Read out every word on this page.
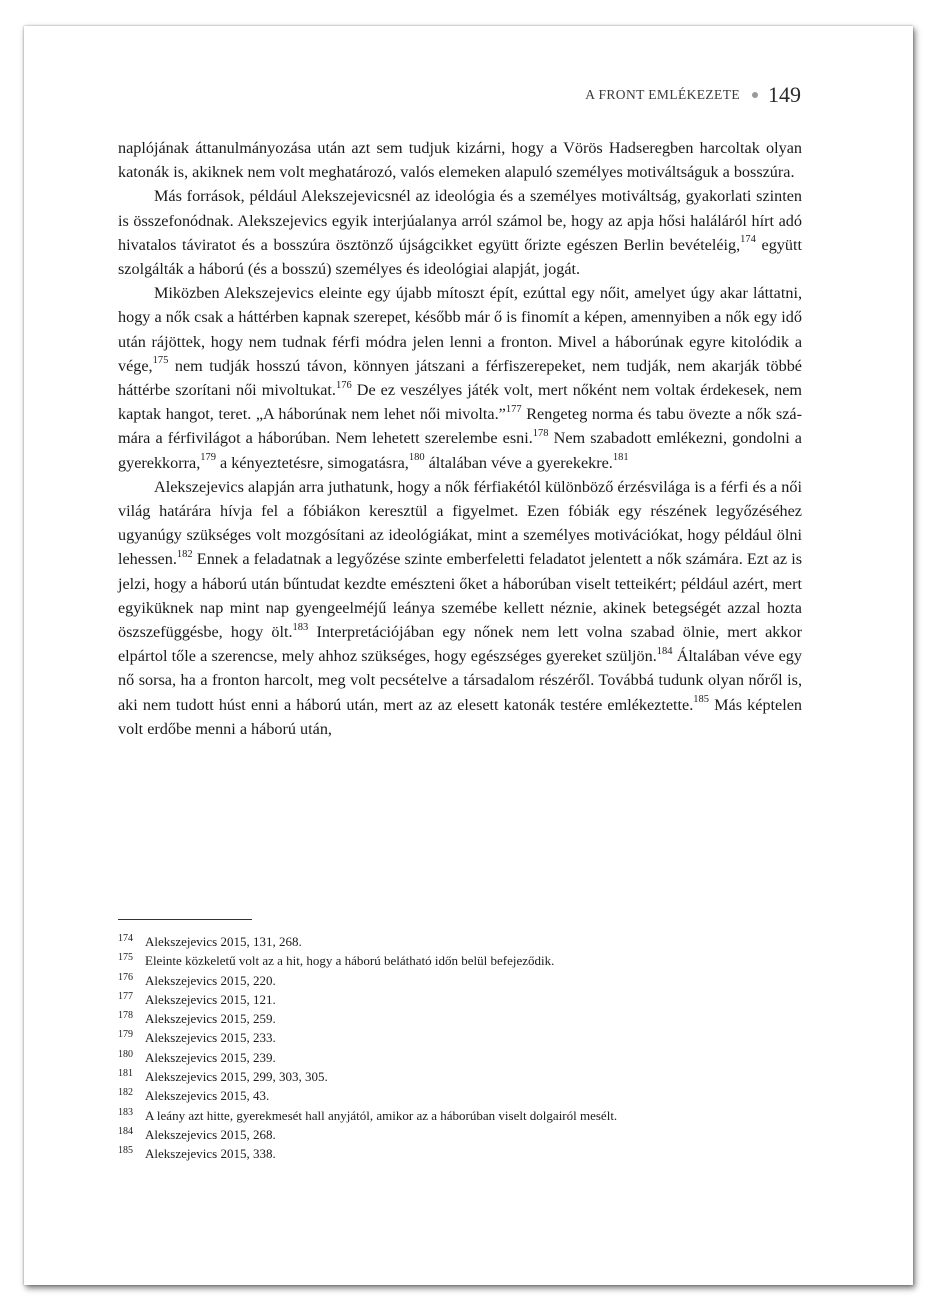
A FRONT EMLÉKEZETE 149

naplójának áttanulmányozása után azt sem tudjuk kizárni, hogy a Vörös Hadseregben harcoltak olyan katonák is, akiknek nem volt meghatározó, valós elemeken alapuló személyes motiváltságuk a bosszúra.

Más források, például Alekszejevicsnél az ideológia és a személyes motiváltság, gyakorlati szinten is összefonódnak. Alekszejevics egyik interjúalanya arról számol be, hogy az apja hősi haláláról hírt adó hivatalos táviratot és a bosszúra ösztönző újságcikket együtt őrizte egészen Berlin bevételéig,$^{174}$ együtt szolgálták a háború (és a bosszú) személyes és ideológiai alapját, jogát.

Miközben Alekszejevics eleinte egy újabb mítoszt épít, ezúttal egy nőit, amelyet úgy akar láttatni, hogy a nők csak a háttérben kapnak szerepet, később már ő is finomít a képen, amennyiben a nők egy idő után rájöttek, hogy nem tudnak férfi módra jelen lenni a fronton. Mivel a háborúnak egyre kitolódik a vége,$^{175}$ nem tudják hosszú távon, könnyen játszani a férfiszerepeket, nem tudják, nem akarják többé háttérbe szorítani női mivoltukat.$^{176}$ De ez veszélyes játék volt, mert nőként nem voltak érdekesek, nem kaptak hangot, teret. „A háborúnak nem lehet női mivolta.”$^{177}$ Rengeteg norma és tabu övezte a nők számára a férfivilágot a háborúban. Nem lehetett szerelembe esni.$^{178}$ Nem szabadott emlékezni, gondolni a gyerekkorra,$^{179}$ a kényeztetésre, simogatásra,$^{180}$ általában véve a gyerekekre.$^{181}$

Alekszejevics alapján arra juthatunk, hogy a nők férfiakétól különböző érzésvilága is a férfi és a női világ határára hívja fel a fóbiákon keresztül a figyelmet. Ezen fóbiák egy részének legyőzéséhez ugyanúgy szükséges volt mozgósítani az ideológiákat, mint a személyes motivációkat, hogy például ölni lehessen.$^{182}$ Ennek a feladatnak a legyőzése szinte emberfeletti feladatot jelentett a nők számára. Ezt az is jelzi, hogy a háború után bűntudat kezdte emészteni őket a háborúban viselt tetteikért; például azért, mert egyiküknek nap mint nap gyengeelméjű leánya szemébe kellett néznie, akinek betegségét azzal hozta öszszefüggésbe, hogy ölt.$^{183}$ Interpretációjában egy nőnek nem lett volna szabad ölnie, mert akkor elpártol tőle a szerencse, mely ahhoz szükséges, hogy egészséges gyereket szüljön.$^{184}$ Általában véve egy nő sorsa, ha a fronton harcolt, meg volt pecsételve a társadalom részéről. Továbbá tudunk olyan nőről is, aki nem tudott húst enni a háború után, mert az az elesett katonák testére emlékeztette.$^{185}$ Más képtelen volt erdőbe menni a háború után,

174 Alekszejevics 2015, 131, 268.
175 Eleinte közkeletű volt az a hit, hogy a háború belátható időn belül befejeződik.
176 Alekszejevics 2015, 220.
177 Alekszejevics 2015, 121.
178 Alekszejevics 2015, 259.
179 Alekszejevics 2015, 233.
180 Alekszejevics 2015, 239.
181 Alekszejevics 2015, 299, 303, 305.
182 Alekszejevics 2015, 43.
183 A leány azt hitte, gyerekmesét hall anyjától, amikor az a háborúban viselt dolgairól mesélt.
184 Alekszejevics 2015, 268.
185 Alekszejevics 2015, 338.
